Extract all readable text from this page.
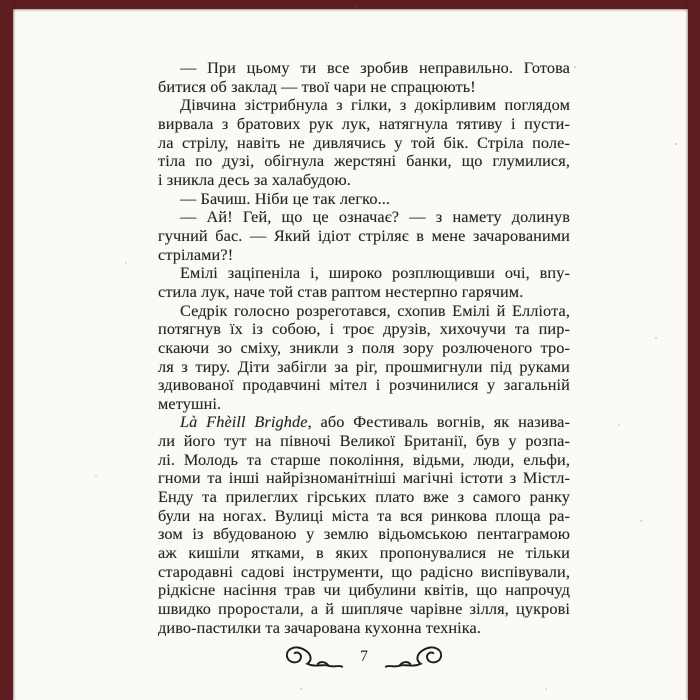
— При цьому ти все зробив неправильно. Готова
битися об заклад — твої чари не спрацюють!
Дівчина зістрибнула з гілки, з докірливим поглядом
вирвала з братових рук лук, натягнула тятиву і пусти-
ла стрілу, навіть не дивлячись у той бік. Стріла поле-
тіла по дузі, обігнула жерстяні банки, що глумилися,
і зникла десь за халабудою.
— Бачиш. Ніби це так легко...
— Ай! Гей, що це означає? — з намету долинув
гучний бас. — Який ідіот стріляє в мене зачарованими
стрілами?!
Емілі заціпеніла і, широко розплющивши очі, впу-
стила лук, наче той став раптом нестерпно гарячим.
Седрік голосно розреготався, схопив Емілі й Елліота,
потягнув їх із собою, і троє друзів, хихочучи та пир-
скаючи зо сміху, зникли з поля зору розлюченого тро-
ля з тиру. Діти забігли за ріг, прошмигнули під руками
здивованої продавчині мітел і розчинилися у загальній
метушні.
Là Fhèill Brighde, або Фестиваль вогнів, як назива-
ли його тут на півночі Великої Британії, був у розпа-
лі. Молодь та старше покоління, відьми, люди, ельфи,
гноми та інші найрізноманітніші магічні істоти з Містл-
Енду та прилеглих гірських плато вже з самого ранку
були на ногах. Вулиці міста та вся ринкова площа ра-
зом із вбудованою у землю відьомською пентаграмою
аж кишіли ятками, в яких пропонувалися не тільки
стародавні садові інструменти, що радісно виспівували,
рідкісне насіння трав чи цибулини квітів, що напрочуд
швидко проростали, а й шипляче чарівне зілля, цукрові
диво-пастилки та зачарована кухонна техніка.
7
